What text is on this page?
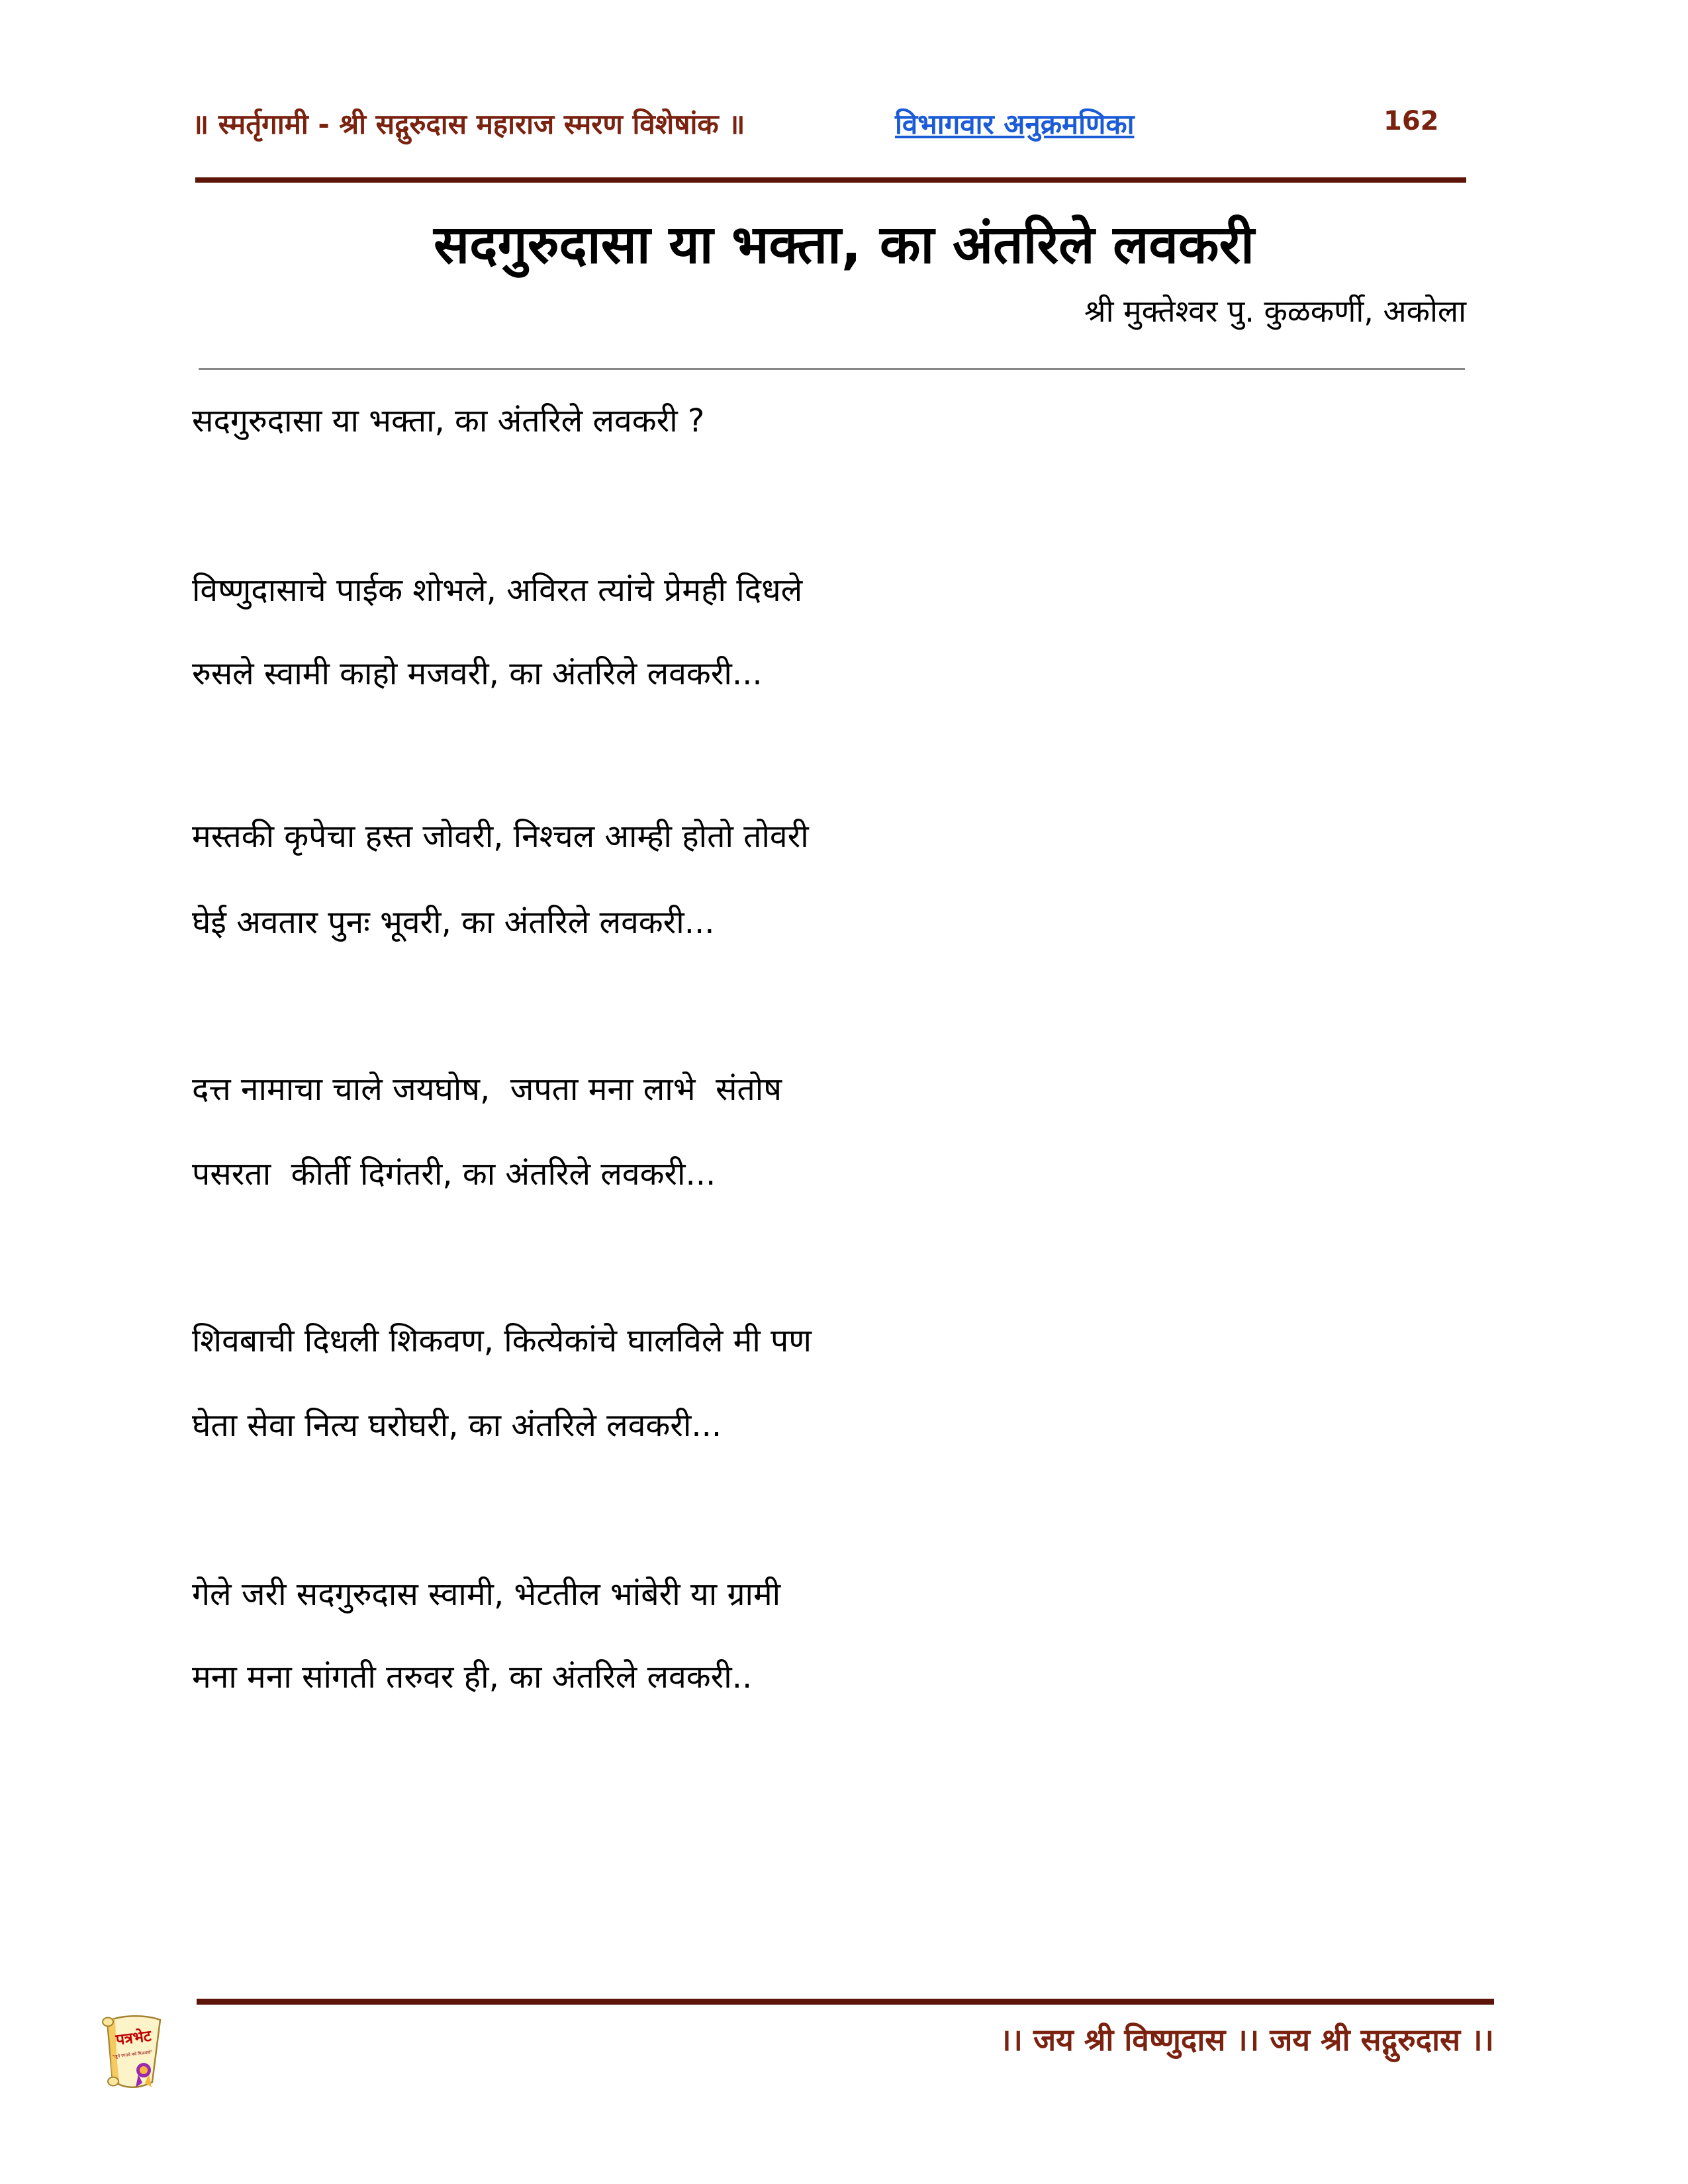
॥ स्मर्तृगामी - श्री सद्गुरुदास महाराज स्मरण विशेषांक ॥	विभागवार अनुक्रमणिका	162
सदगुरुदासा या भक्ता, का अंतरिले लवकरी
श्री मुक्तेश्वर पु. कुळकर्णी, अकोला

सदगुरुदासा या भक्ता, का अंतरिले लवकरी ?

विष्णुदासाचे पाईक शोभले, अविरत त्यांचे प्रेमही दिधले

रुसले स्वामी काहो मजवरी, का अंतरिले लवकरी...

मस्तकी कृपेचा हस्त जोवरी, निश्चल आम्ही होतो तोवरी

घेई अवतार पुनः भूवरी, का अंतरिले लवकरी...

दत्त नामाचा चाले जयघोष,  जपता मना लाभे  संतोष

पसरता  कीर्ती दिगंतरी, का अंतरिले लवकरी...

शिवबाची दिधली शिकवण, कित्येकांचे घालविले मी पण

घेता सेवा नित्य घरोघरी, का अंतरिले लवकरी...

गेले जरी सदगुरुदास स्वामी, भेटतील भांबेरी या ग्रामी

मना मना सांगती तरुवर ही, का अंतरिले लवकरी..

।। जय श्री विष्णुदास ।। जय श्री सद्गुरुदास ।।
पत्रभेट
"जुने जपावे नवे मिळवावे"
